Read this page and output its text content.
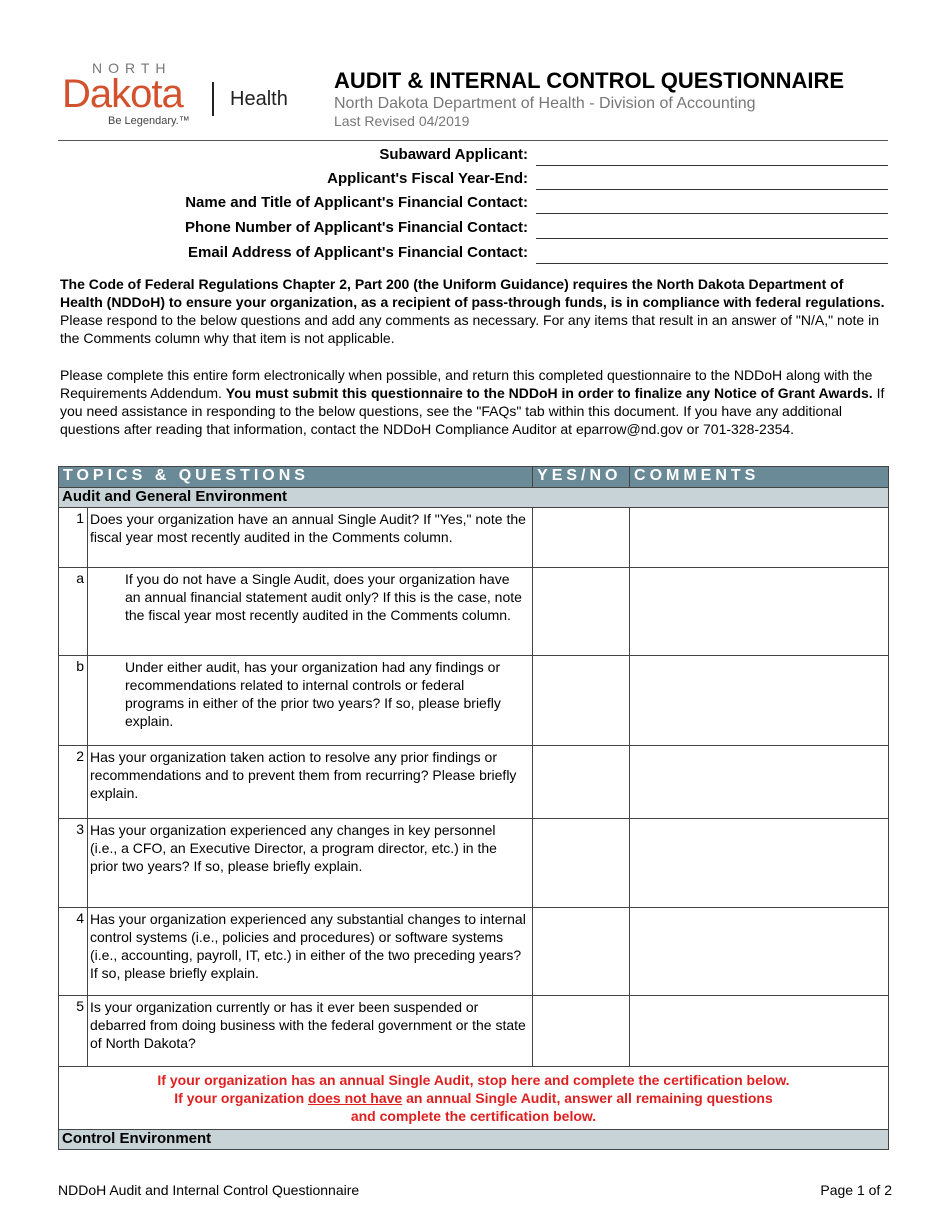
NORTH
Dakota Health
Be Legendary.™
AUDIT & INTERNAL CONTROL QUESTIONNAIRE
North Dakota Department of Health - Division of Accounting
Last Revised 04/2019
Subaward Applicant:
Applicant's Fiscal Year-End:
Name and Title of Applicant's Financial Contact:
Phone Number of Applicant's Financial Contact:
Email Address of Applicant's Financial Contact:
The Code of Federal Regulations Chapter 2, Part 200 (the Uniform Guidance) requires the North Dakota Department of Health (NDDoH) to ensure your organization, as a recipient of pass-through funds, is in compliance with federal regulations. Please respond to the below questions and add any comments as necessary. For any items that result in an answer of "N/A," note in the Comments column why that item is not applicable.
Please complete this entire form electronically when possible, and return this completed questionnaire to the NDDoH along with the Requirements Addendum. You must submit this questionnaire to the NDDoH in order to finalize any Notice of Grant Awards. If you need assistance in responding to the below questions, see the "FAQs" tab within this document. If you have any additional questions after reading that information, contact the NDDoH Compliance Auditor at eparrow@nd.gov or 701-328-2354.
TOPICS & QUESTIONS		YES/NO	COMMENTS
Audit and General Environment			
1	Does your organization have an annual Single Audit? If "Yes," note the fiscal year most recently audited in the Comments column.		
a	If you do not have a Single Audit, does your organization have an annual financial statement audit only? If this is the case, note the fiscal year most recently audited in the Comments column.		
b	Under either audit, has your organization had any findings or recommendations related to internal controls or federal programs in either of the prior two years? If so, please briefly explain.		
2	Has your organization taken action to resolve any prior findings or recommendations and to prevent them from recurring? Please briefly explain.		
3	Has your organization experienced any changes in key personnel (i.e., a CFO, an Executive Director, a program director, etc.) in the prior two years? If so, please briefly explain.		
4	Has your organization experienced any substantial changes to internal control systems (i.e., policies and procedures) or software systems (i.e., accounting, payroll, IT, etc.) in either of the two preceding years? If so, please briefly explain.		
5	Is your organization currently or has it ever been suspended or debarred from doing business with the federal government or the state of North Dakota?		

If your organization has an annual Single Audit, stop here and complete the certification below.
If your organization does not have an annual Single Audit, answer all remaining questions
and complete the certification below.			

Control Environment			
NDDoH Audit and Internal Control Questionnaire	Page 1 of 2
